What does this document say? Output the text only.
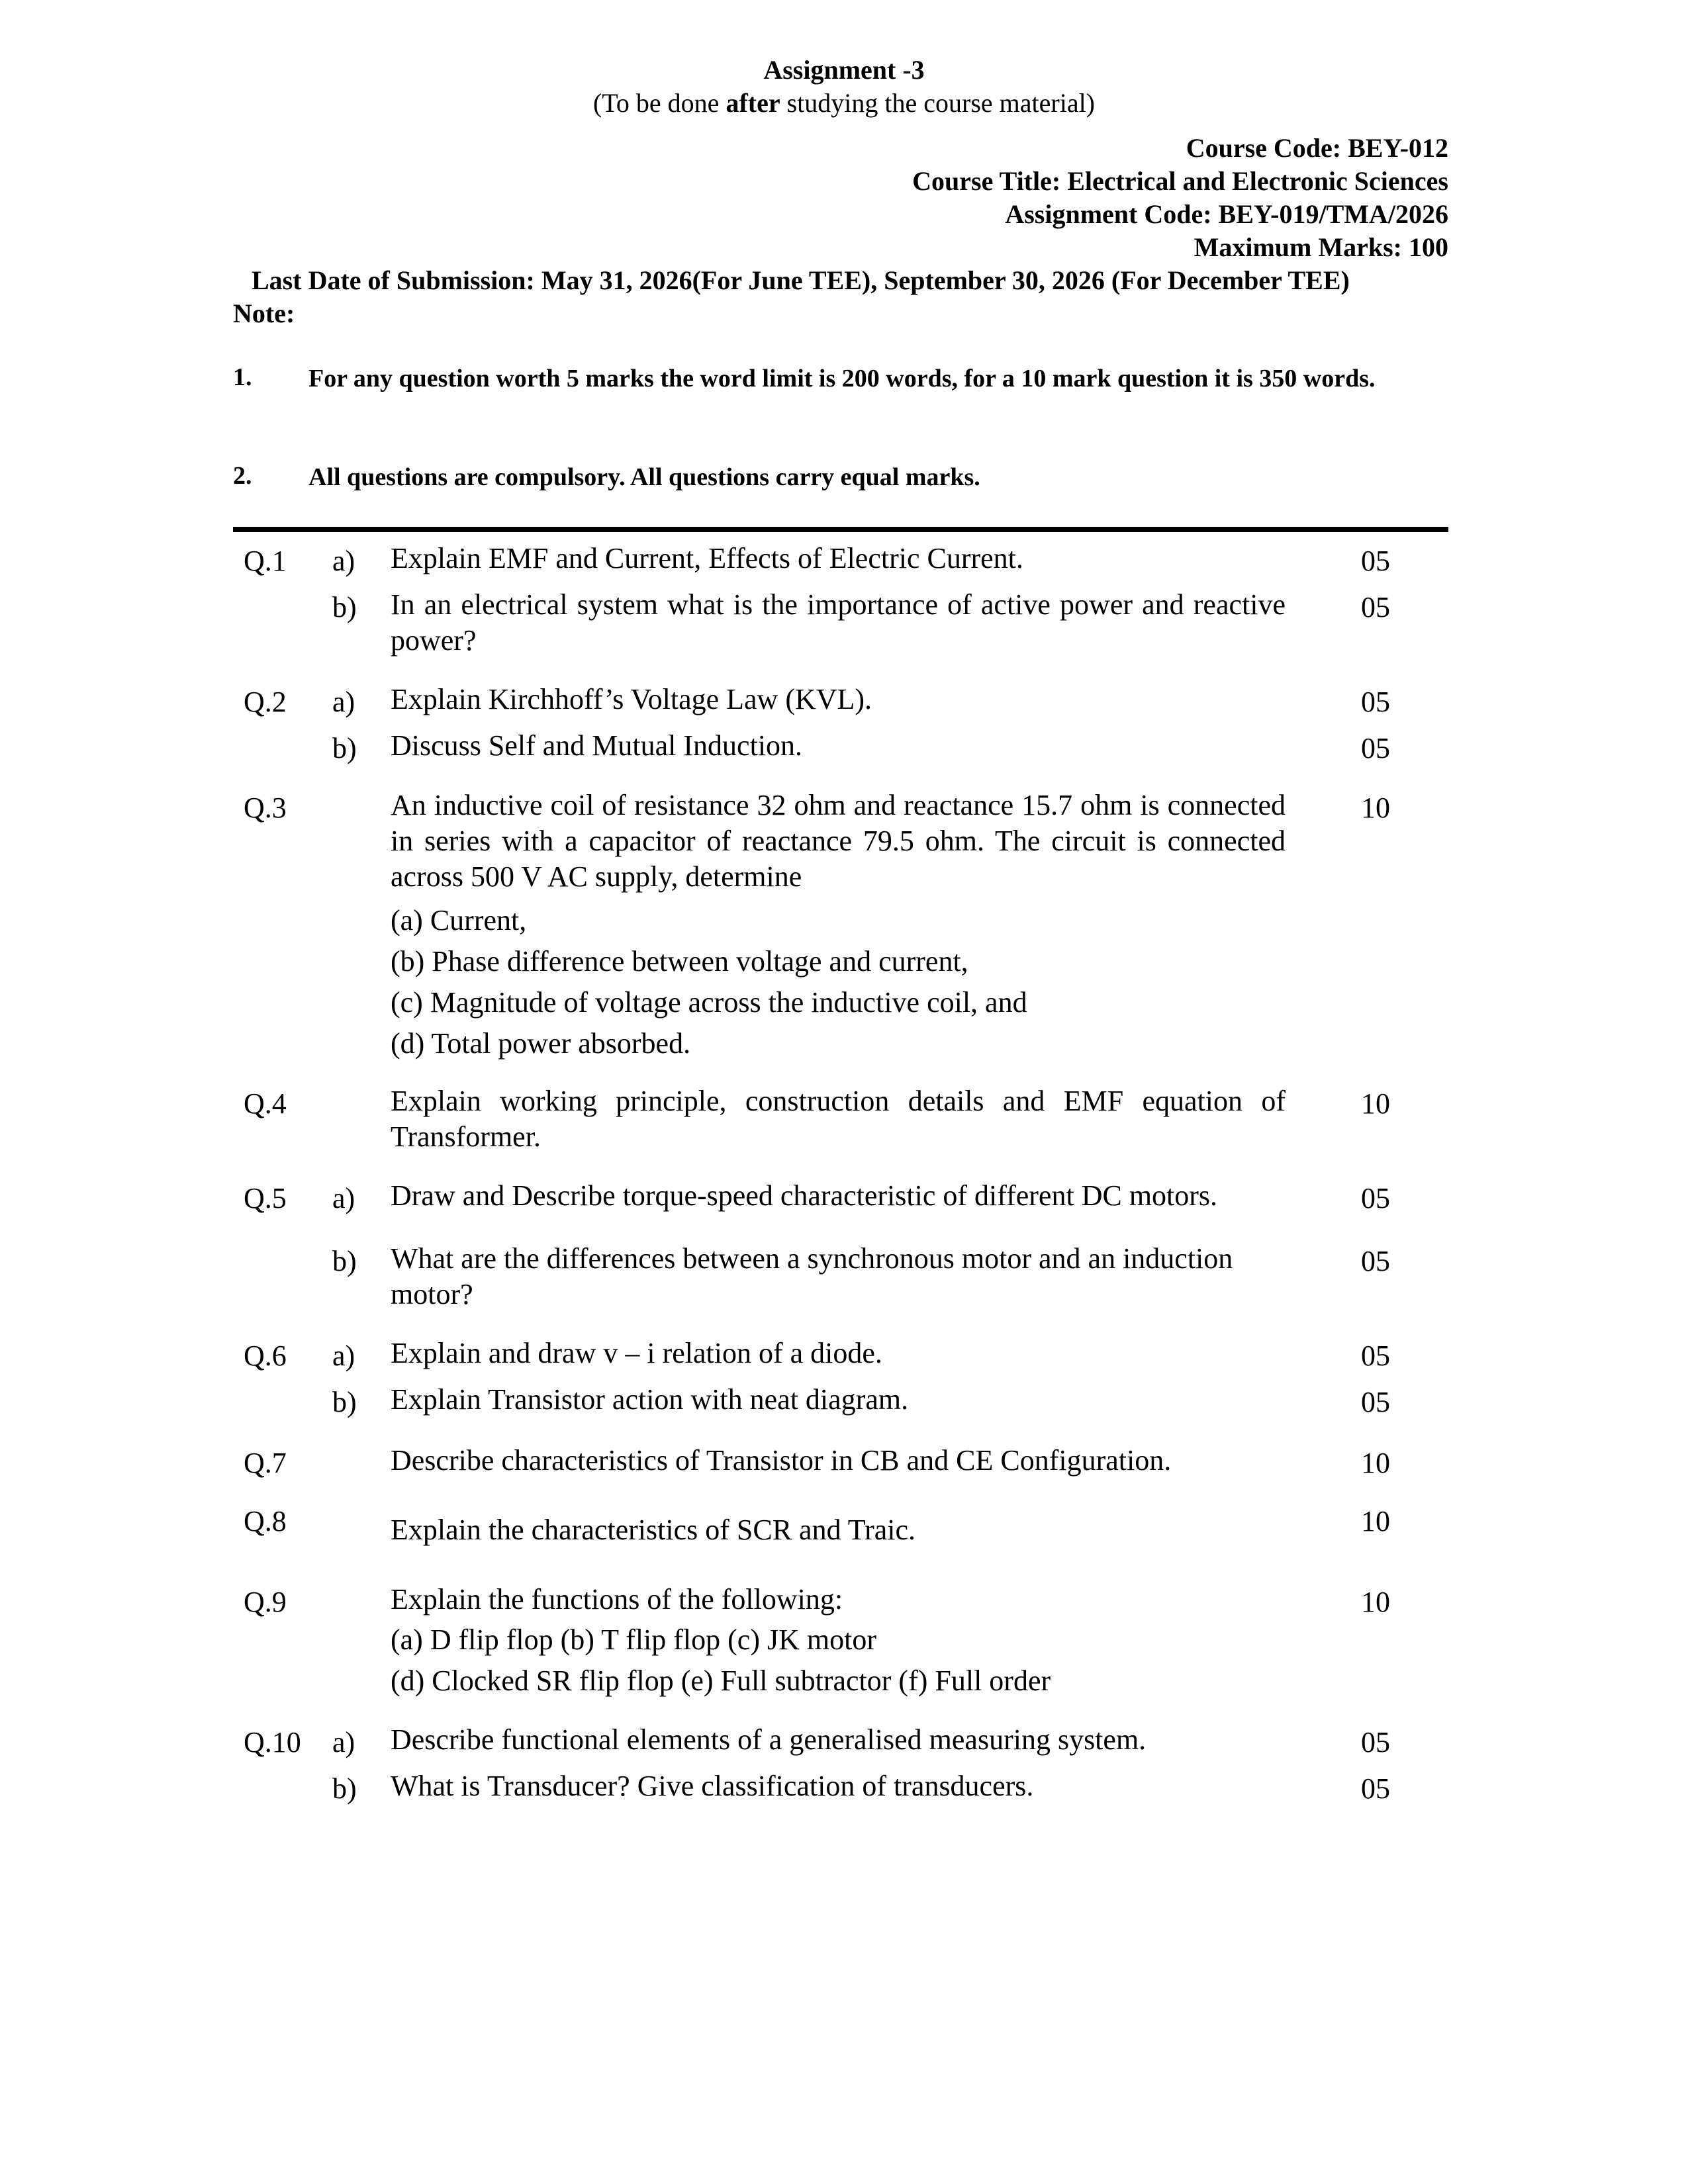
Assignment -3
(To be done after studying the course material)
Course Code: BEY-012
Course Title: Electrical and Electronic Sciences
Assignment Code: BEY-019/TMA/2026
Maximum Marks: 100
Last Date of Submission: May 31, 2026(For June TEE), September 30, 2026 (For December TEE)
Note:
1. For any question worth 5 marks the word limit is 200 words, for a 10 mark question it is 350 words.
2. All questions are compulsory. All questions carry equal marks.
Q.1 a) Explain EMF and Current, Effects of Electric Current.	05
b) In an electrical system what is the importance of active power and reactive power?
05
Q.2 a) Explain Kirchhoff’s Voltage Law (KVL).	05
b) Discuss Self and Mutual Induction.	05
Q.3	An inductive coil of resistance 32 ohm and reactance 15.7 ohm is connected in series with a capacitor of reactance 79.5 ohm. The circuit is connected across 500 V AC supply, determine
10
(a) Current,
(b) Phase difference between voltage and current,
(c) Magnitude of voltage across the inductive coil, and
(d) Total power absorbed.
Q.4	Explain working principle, construction details and EMF equation of Transformer.
10
Q.5 a) Draw and Describe torque-speed characteristic of different DC motors.	05
b) What are the differences between a synchronous motor and an induction motor?
05
Q.6 a) Explain and draw v – i relation of a diode.	05
b) Explain Transistor action with neat diagram.	05
Q.7	Describe characteristics of Transistor in CB and CE Configuration.	10
Q.8	Explain the characteristics of SCR and Traic.	10
Q.9	Explain the functions of the following:	10
(a) D flip flop (b) T flip flop (c) JK motor
(d) Clocked SR flip flop (e) Full subtractor (f) Full order
Q.10 a) Describe functional elements of a generalised measuring system.	05
b) What is Transducer? Give classification of transducers.	05
